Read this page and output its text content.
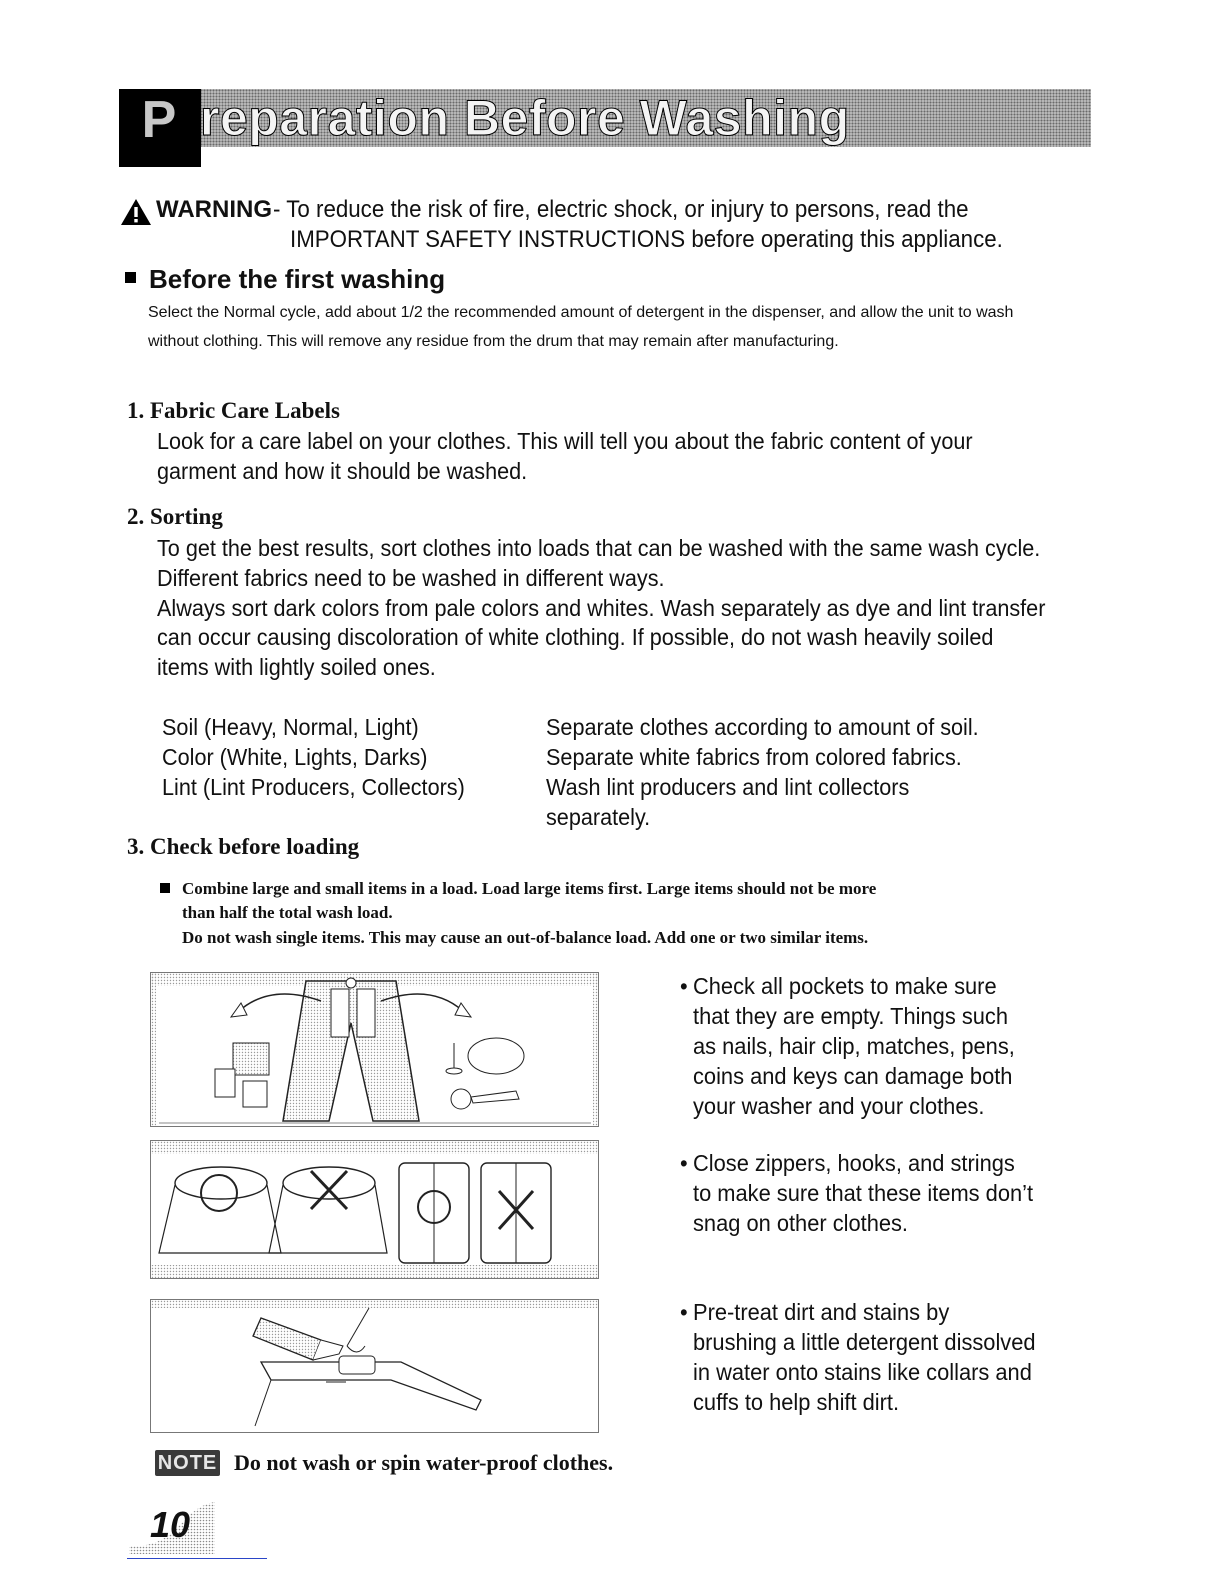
P reparation Before Washing
WARNING - To reduce the risk of fire, electric shock, or injury to persons, read the
IMPORTANT SAFETY INSTRUCTIONS before operating this appliance.
Before the first washing
Select the Normal cycle, add about 1/2 the recommended amount of detergent in the dispenser, and allow the unit to wash without clothing. This will remove any residue from the drum that may remain after manufacturing.
1. Fabric Care Labels
Look for a care label on your clothes. This will tell you about the fabric content of your
garment and how it should be washed.
2. Sorting
To get the best results, sort clothes into loads that can be washed with the same wash cycle.
Different fabrics need to be washed in different ways.
Always sort dark colors from pale colors and whites. Wash separately as dye and lint transfer
can occur causing discoloration of white clothing. If possible, do not wash heavily soiled
items with lightly soiled ones.
Soil (Heavy, Normal, Light)
Color (White, Lights, Darks)
Lint (Lint Producers, Collectors)
Separate clothes according to amount of soil.
Separate white fabrics from colored fabrics.
Wash lint producers and lint collectors
separately.
3. Check before loading
Combine large and small items in a load. Load large items first. Large items should not be more
than half the total wash load.
Do not wash single items. This may cause an out-of-balance load. Add one or two similar items.
• Check all pockets to make sure
that they are empty. Things such
as nails, hair clip, matches, pens,
coins and keys can damage both
your washer and your clothes.
• Close zippers, hooks, and strings
to make sure that these items don’t
snag on other clothes.
• Pre-treat dirt and stains by
brushing a little detergent dissolved
in water onto stains like collars and
cuffs to help shift dirt.
NOTE Do not wash or spin water-proof clothes.
10
